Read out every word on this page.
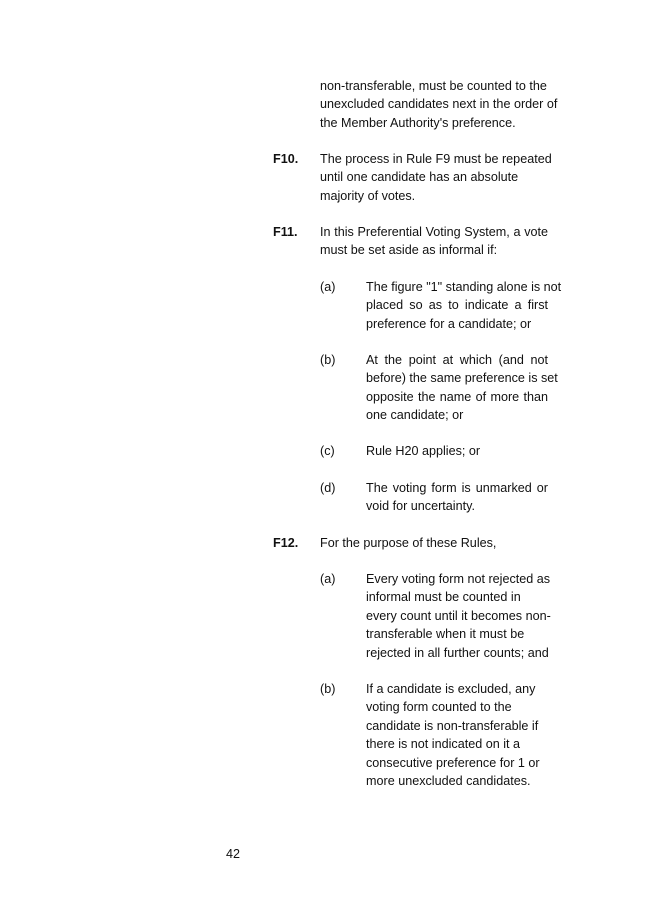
non-transferable, must be counted to the
unexcluded candidates next in the order of
the Member Authority's preference.
F10. The process in Rule F9 must be repeated
until one candidate has an absolute
majority of votes.
F11. In this Preferential Voting System, a vote
must be set aside as informal if:
(a) The figure "1" standing alone is not
placed so as to indicate a first
preference for a candidate; or
(b) At the point at which (and not
before) the same preference is set
opposite the name of more than
one candidate; or
(c) Rule H20 applies; or
(d) The voting form is unmarked or
void for uncertainty.
F12. For the purpose of these Rules,
(a) Every voting form not rejected as
informal must be counted in
every count until it becomes non-
transferable when it must be
rejected in all further counts; and
(b) If a candidate is excluded, any
voting form counted to the
candidate is non-transferable if
there is not indicated on it a
consecutive preference for 1 or
more unexcluded candidates.
42
